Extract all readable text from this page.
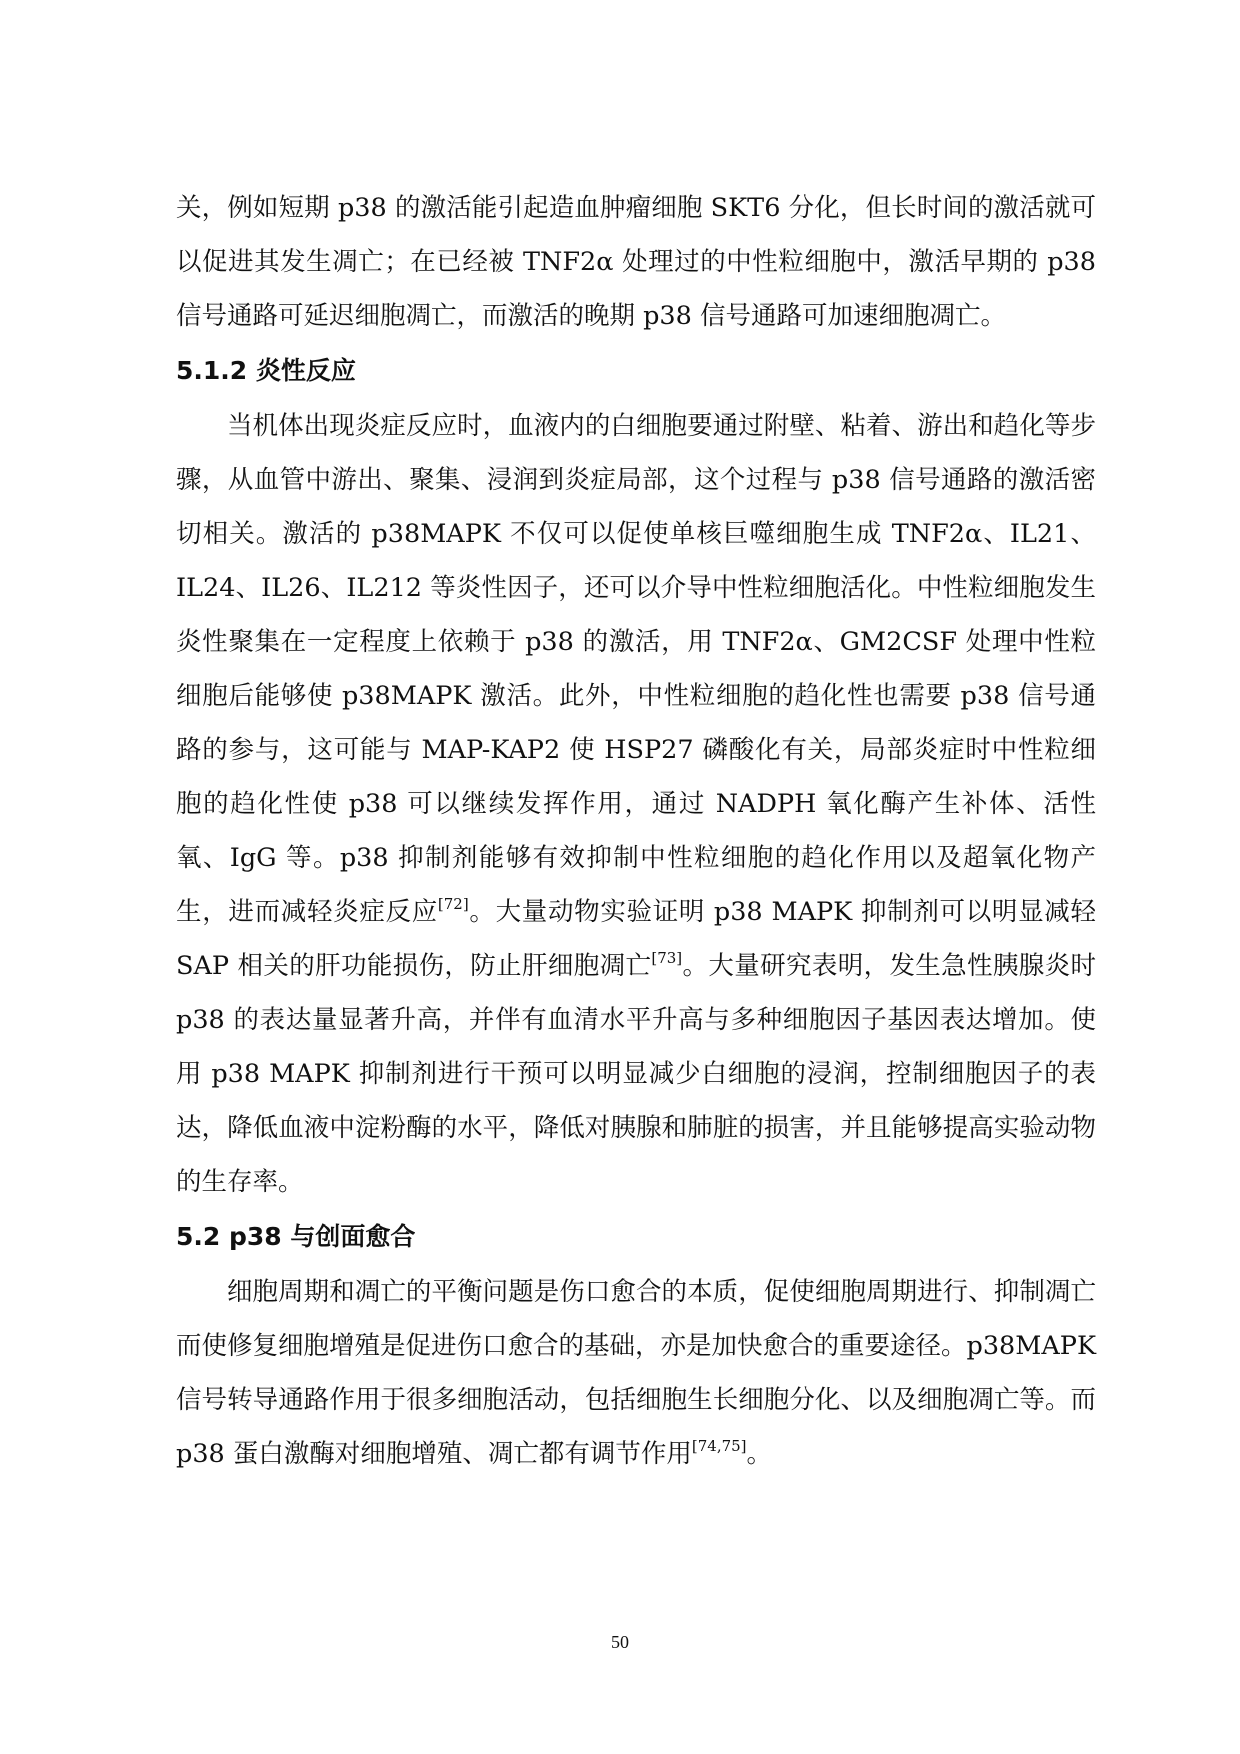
关，例如短期 p38 的激活能引起造血肿瘤细胞 SKT6 分化，但长时间的激活就可以促进其发生凋亡；在已经被 TNF2α 处理过的中性粒细胞中，激活早期的 p38 信号通路可延迟细胞凋亡，而激活的晚期 p38 信号通路可加速细胞凋亡。

5.1.2 炎性反应

当机体出现炎症反应时，血液内的白细胞要通过附壁、粘着、游出和趋化等步骤，从血管中游出、聚集、浸润到炎症局部，这个过程与 p38 信号通路的激活密切相关。激活的 p38MAPK 不仅可以促使单核巨噬细胞生成 TNF2α、IL21、IL24、IL26、IL212 等炎性因子，还可以介导中性粒细胞活化。中性粒细胞发生炎性聚集在一定程度上依赖于 p38 的激活，用 TNF2α、GM2CSF 处理中性粒细胞后能够使 p38MAPK 激活。此外，中性粒细胞的趋化性也需要 p38 信号通路的参与，这可能与 MAP-KAP2 使 HSP27 磷酸化有关，局部炎症时中性粒细胞的趋化性使 p38 可以继续发挥作用，通过 NADPH 氧化酶产生补体、活性氧、IgG 等。p38 抑制剂能够有效抑制中性粒细胞的趋化作用以及超氧化物产生，进而减轻炎症反应[72]。大量动物实验证明 p38 MAPK 抑制剂可以明显减轻 SAP 相关的肝功能损伤，防止肝细胞凋亡[73]。大量研究表明，发生急性胰腺炎时 p38 的表达量显著升高，并伴有血清水平升高与多种细胞因子基因表达增加。使用 p38 MAPK 抑制剂进行干预可以明显减少白细胞的浸润，控制细胞因子的表达，降低血液中淀粉酶的水平，降低对胰腺和肺脏的损害，并且能够提高实验动物的生存率。

5.2 p38 与创面愈合

细胞周期和凋亡的平衡问题是伤口愈合的本质，促使细胞周期进行、抑制凋亡而使修复细胞增殖是促进伤口愈合的基础，亦是加快愈合的重要途径。p38MAPK 信号转导通路作用于很多细胞活动，包括细胞生长细胞分化、以及细胞凋亡等。而 p38 蛋白激酶对细胞增殖、凋亡都有调节作用[74,75]。

50
